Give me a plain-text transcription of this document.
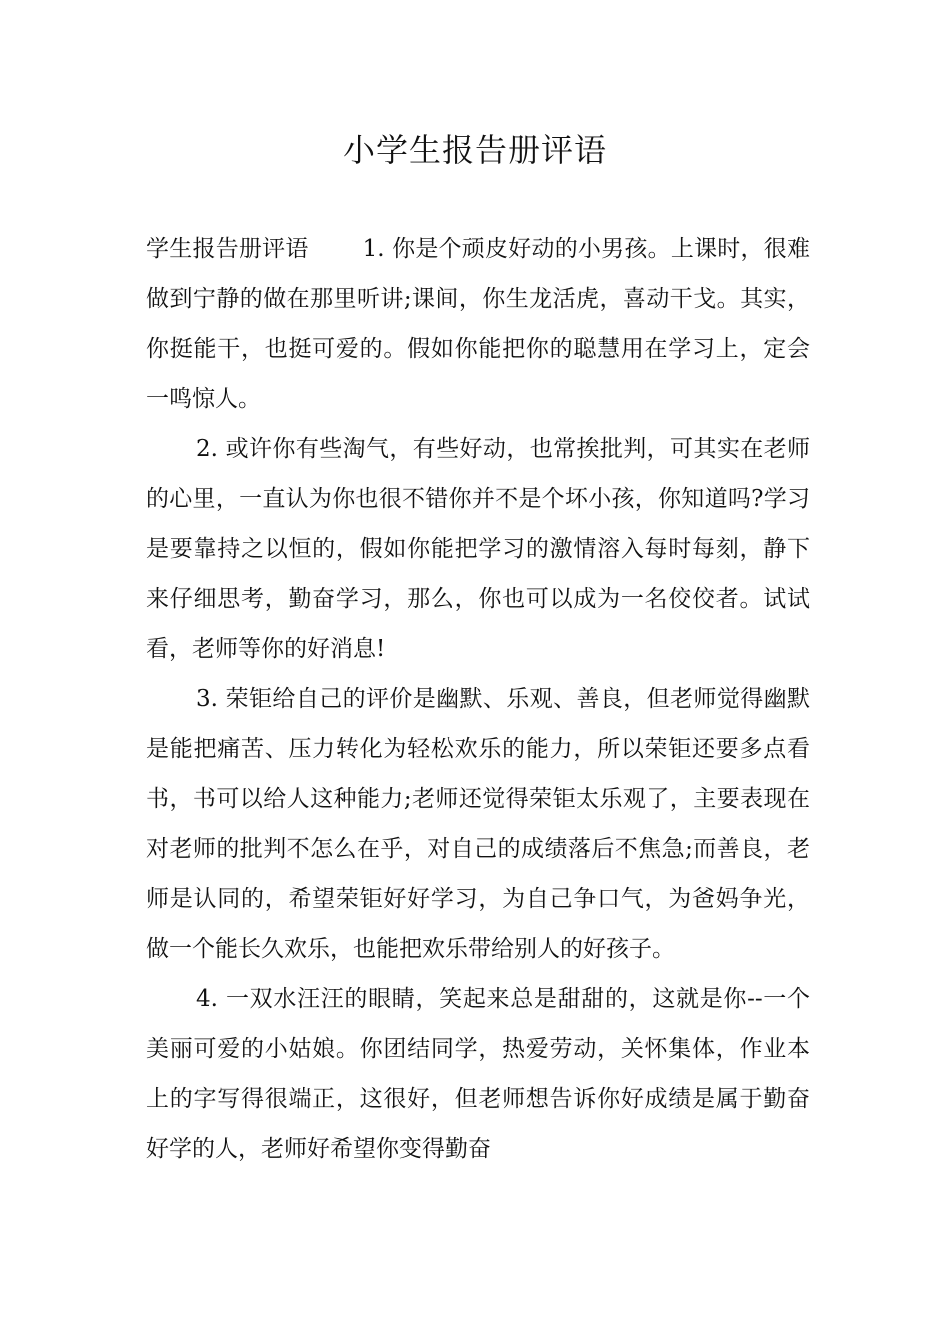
小学生报告册评语

学生报告册评语　　 1. 你是个顽皮好动的小男孩。上课时，很难做到宁静的做在那里听讲;课间，你生龙活虎，喜动干戈。其实，你挺能干，也挺可爱的。假如你能把你的聪慧用在学习上，定会一鸣惊人。

2. 或许你有些淘气，有些好动，也常挨批判，可其实在老师的心里，一直认为你也很不错你并不是个坏小孩，你知道吗?学习是要靠持之以恒的，假如你能把学习的激情溶入每时每刻，静下来仔细思考，勤奋学习，那么，你也可以成为一名佼佼者。试试看，老师等你的好消息!

3. 荣钜给自己的评价是幽默、乐观、善良，但老师觉得幽默是能把痛苦、压力转化为轻松欢乐的能力，所以荣钜还要多点看书，书可以给人这种能力;老师还觉得荣钜太乐观了，主要表现在对老师的批判不怎么在乎，对自己的成绩落后不焦急;而善良，老师是认同的，希望荣钜好好学习，为自己争口气，为爸妈争光，做一个能长久欢乐，也能把欢乐带给别人的好孩子。

4. 一双水汪汪的眼睛，笑起来总是甜甜的，这就是你--一个美丽可爱的小姑娘。你团结同学，热爱劳动，关怀集体，作业本上的字写得很端正，这很好，但老师想告诉你好成绩是属于勤奋好学的人，老师好希望你变得勤奋
